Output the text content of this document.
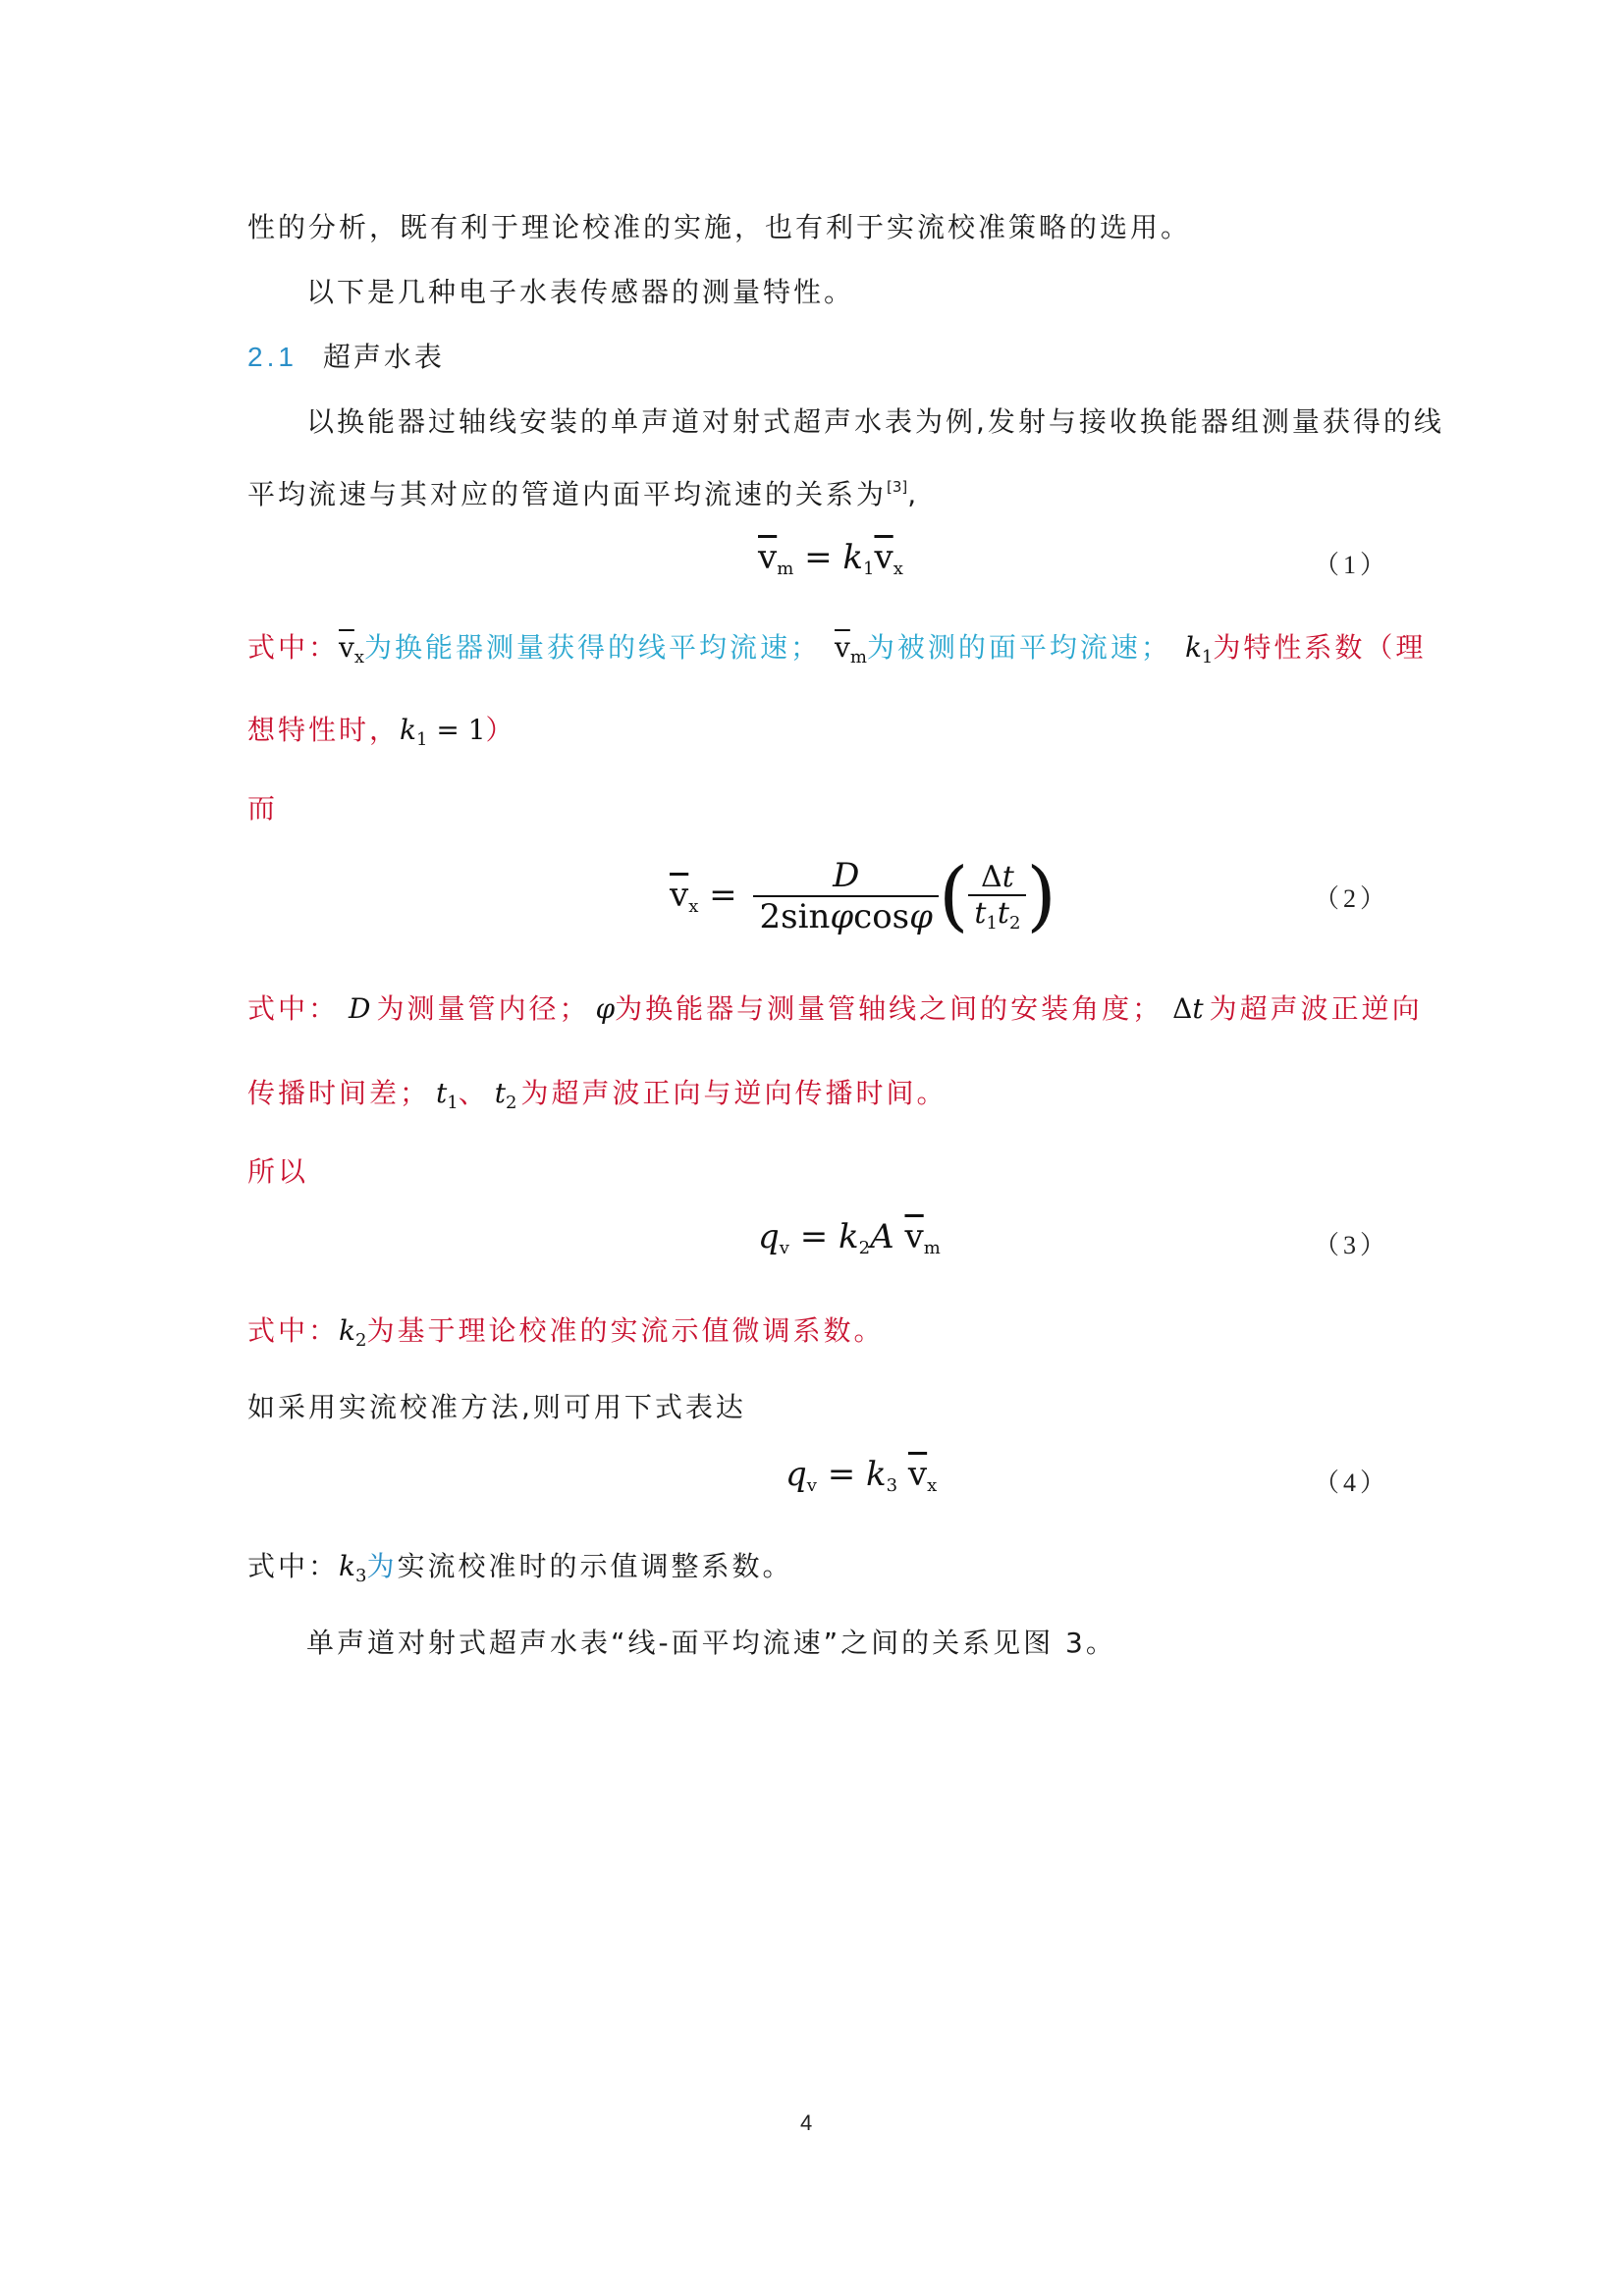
性的分析，既有利于理论校准的实施，也有利于实流校准策略的选用。
以下是几种电子水表传感器的测量特性。
2.1 超声水表
以换能器过轴线安装的单声道对射式超声水表为例,发射与接收换能器组测量获得的线
平均流速与其对应的管道内面平均流速的关系为[3],
$\overline{v}_m = k_1\overline{v}_x$	（1）
式中：$\overline{v}_x$为换能器测量获得的线平均流速； $\overline{v}_m$为被测的面平均流速； $k_1$为特性系数（理
想特性时，$k_1 = 1$）
而
$\overline{v}_x = \frac{D}{2\sin\varphi\cos\varphi}$ ( $\frac{\Delta t}{t_1t_2}$ )	（2）
式中： D 为测量管内径； φ为换能器与测量管轴线之间的安装角度； Δt 为超声波正逆向
传播时间差； $t_1$、 $t_2$ 为超声波正向与逆向传播时间。
所以
$q_v = k_2A$ $\overline{v}_m$	（3）
式中：$k_2$为基于理论校准的实流示值微调系数。
如采用实流校准方法,则可用下式表达
$q_v = k_3$ $\overline{v}_x$	（4）
式中：$k_3$为实流校准时的示值调整系数。
单声道对射式超声水表“线-面平均流速”之间的关系见图 3。
4
